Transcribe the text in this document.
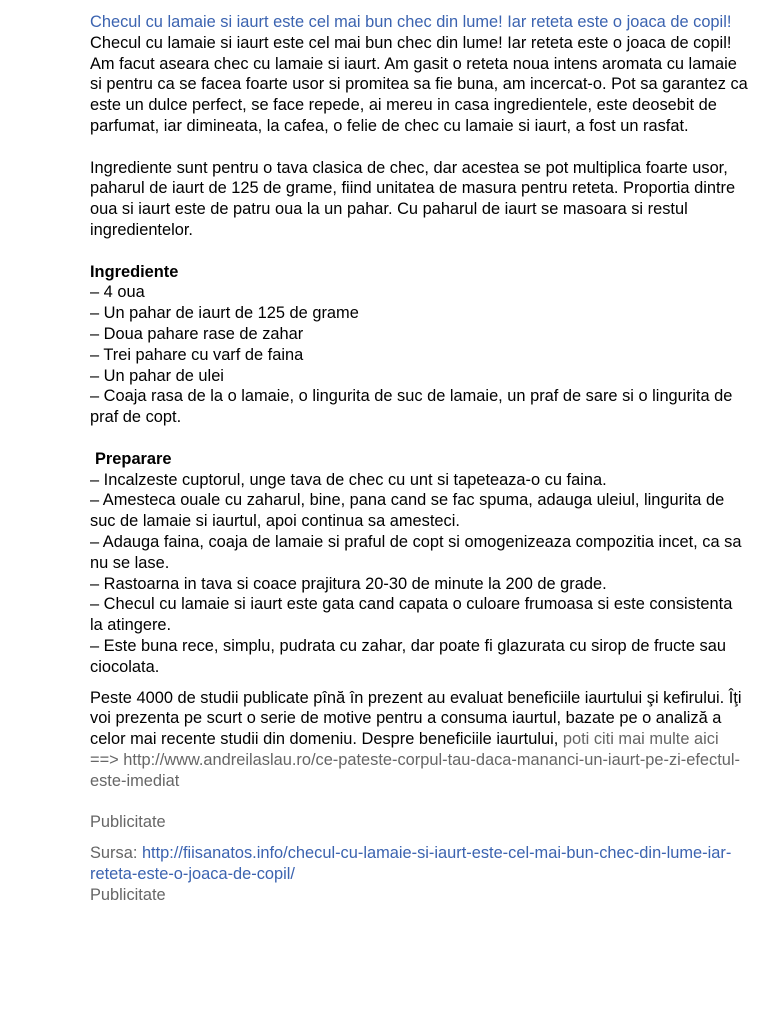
Checul cu lamaie si iaurt este cel mai bun chec din lume! Iar reteta este o joaca de copil!

Checul cu lamaie si iaurt este cel mai bun chec din lume! Iar reteta este o joaca de copil! Am facut aseara chec cu lamaie si iaurt. Am gasit o reteta noua intens aromata cu lamaie si pentru ca se facea foarte usor si promitea sa fie buna, am incercat-o. Pot sa garantez ca este un dulce perfect, se face repede, ai mereu in casa ingredientele, este deosebit de parfumat, iar dimineata, la cafea, o felie de chec cu lamaie si iaurt, a fost un rasfat.

Ingrediente sunt pentru o tava clasica de chec, dar acestea se pot multiplica foarte usor, paharul de iaurt de 125 de grame, fiind unitatea de masura pentru reteta. Proportia dintre oua si iaurt este de patru oua la un pahar. Cu paharul de iaurt se masoara si restul ingredientelor.

Ingrediente
– 4 oua
– Un pahar de iaurt de 125 de grame
– Doua pahare rase de zahar
– Trei pahare cu varf de faina
– Un pahar de ulei
– Coaja rasa de la o lamaie, o lingurita de suc de lamaie, un praf de sare si o lingurita de praf de copt.
Preparare
– Incalzeste cuptorul, unge tava de chec cu unt si tapeteaza-o cu faina.
– Amesteca ouale cu zaharul, bine, pana cand se fac spuma, adauga uleiul, lingurita de suc de lamaie si iaurtul, apoi continua sa amesteci.
– Adauga faina, coaja de lamaie si praful de copt si omogenizeaza compozitia incet, ca sa nu se lase.
– Rastoarna in tava si coace prajitura 20-30 de minute la 200 de grade.
– Checul cu lamaie si iaurt este gata cand capata o culoare frumoasa si este consistenta la atingere.
– Este buna rece, simplu, pudrata cu zahar, dar poate fi glazurata cu sirop de fructe sau ciocolata.

Peste 4000 de studii publicate pînă în prezent au evaluat beneficiile iaurtului şi kefirului. Îţi voi prezenta pe scurt o serie de motive pentru a consuma iaurtul, bazate pe o analiză a celor mai recente studii din domeniu. Despre beneficiile iaurtului, poti citi mai multe aici ==> http://www.andreilaslau.ro/ce-pateste-corpul-tau-daca-mananci-un-iaurt-pe-zi-efectul-este-imediat

Publicitate

Sursa: http://fiisanatos.info/checul-cu-lamaie-si-iaurt-este-cel-mai-bun-chec-din-lume-iar-reteta-este-o-joaca-de-copil/

Publicitate
